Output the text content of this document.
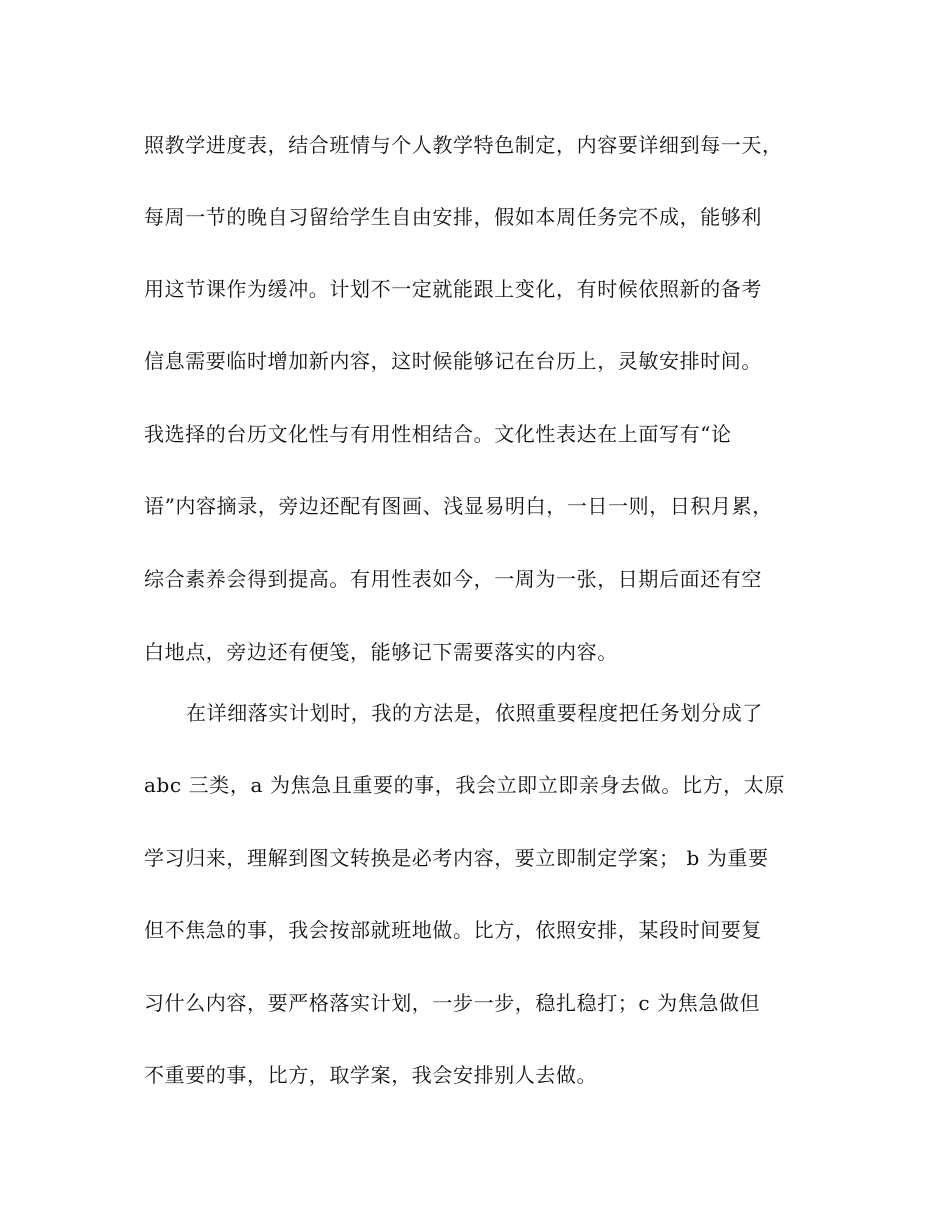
照教学进度表，结合班情与个人教学特色制定，内容要详细到每一天，
每周一节的晚自习留给学生自由安排，假如本周任务完不成，能够利
用这节课作为缓冲。计划不一定就能跟上变化，有时候依照新的备考
信息需要临时增加新内容，这时候能够记在台历上，灵敏安排时间。
我选择的台历文化性与有用性相结合。文化性表达在上面写有“论
语”内容摘录，旁边还配有图画、浅显易明白，一日一则，日积月累，
综合素养会得到提高。有用性表如今，一周为一张，日期后面还有空
白地点，旁边还有便笺，能够记下需要落实的内容。
在详细落实计划时，我的方法是，依照重要程度把任务划分成了
abc 三类，a 为焦急且重要的事，我会立即立即亲身去做。比方，太原
学习归来，理解到图文转换是必考内容，要立即制定学案； b 为重要
但不焦急的事，我会按部就班地做。比方，依照安排，某段时间要复
习什么内容，要严格落实计划，一步一步，稳扎稳打；c 为焦急做但
不重要的事，比方，取学案，我会安排别人去做。
